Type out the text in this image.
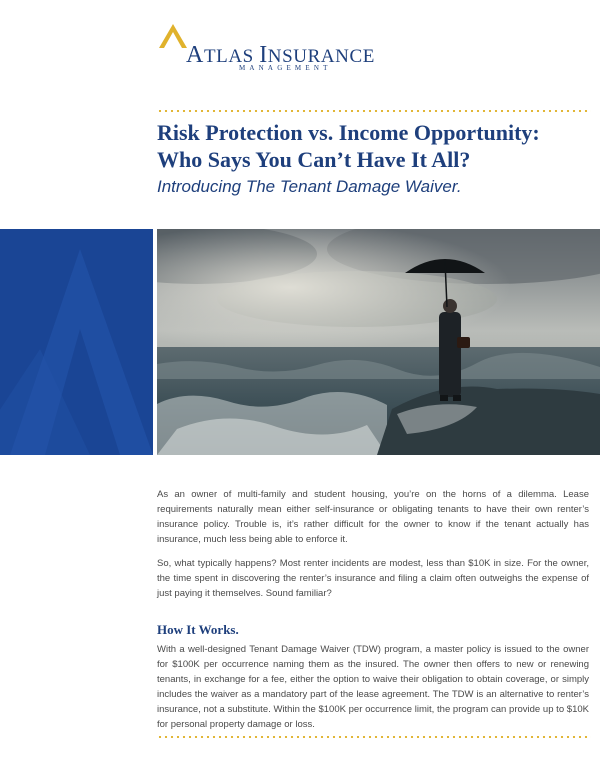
ATLAS INSURANCE
MANAGEMENT
Risk Protection vs. Income Opportunity: Who Says You Can’t Have It All?

Introducing The Tenant Damage Waiver.

As an owner of multi-family and student housing, you’re on the horns of a dilemma. Lease requirements naturally mean either self-insurance or obligating tenants to have their own renter’s insurance policy. Trouble is, it’s rather difficult for the owner to know if the tenant actually has insurance, much less being able to enforce it.

So, what typically happens? Most renter incidents are modest, less than $10K in size. For the owner, the time spent in discovering the renter’s insurance and filing a claim often outweighs the expense of just paying it themselves. Sound familiar?

How It Works.

With a well-designed Tenant Damage Waiver (TDW) program, a master policy is issued to the owner for $100K per occurrence naming them as the insured. The owner then offers to new or renewing tenants, in exchange for a fee, either the option to waive their obligation to obtain coverage, or simply includes the waiver as a mandatory part of the lease agreement. The TDW is an alternative to renter’s insurance, not a substitute. Within the $100K per occurrence limit, the program can provide up to $10K for personal property damage or loss.
